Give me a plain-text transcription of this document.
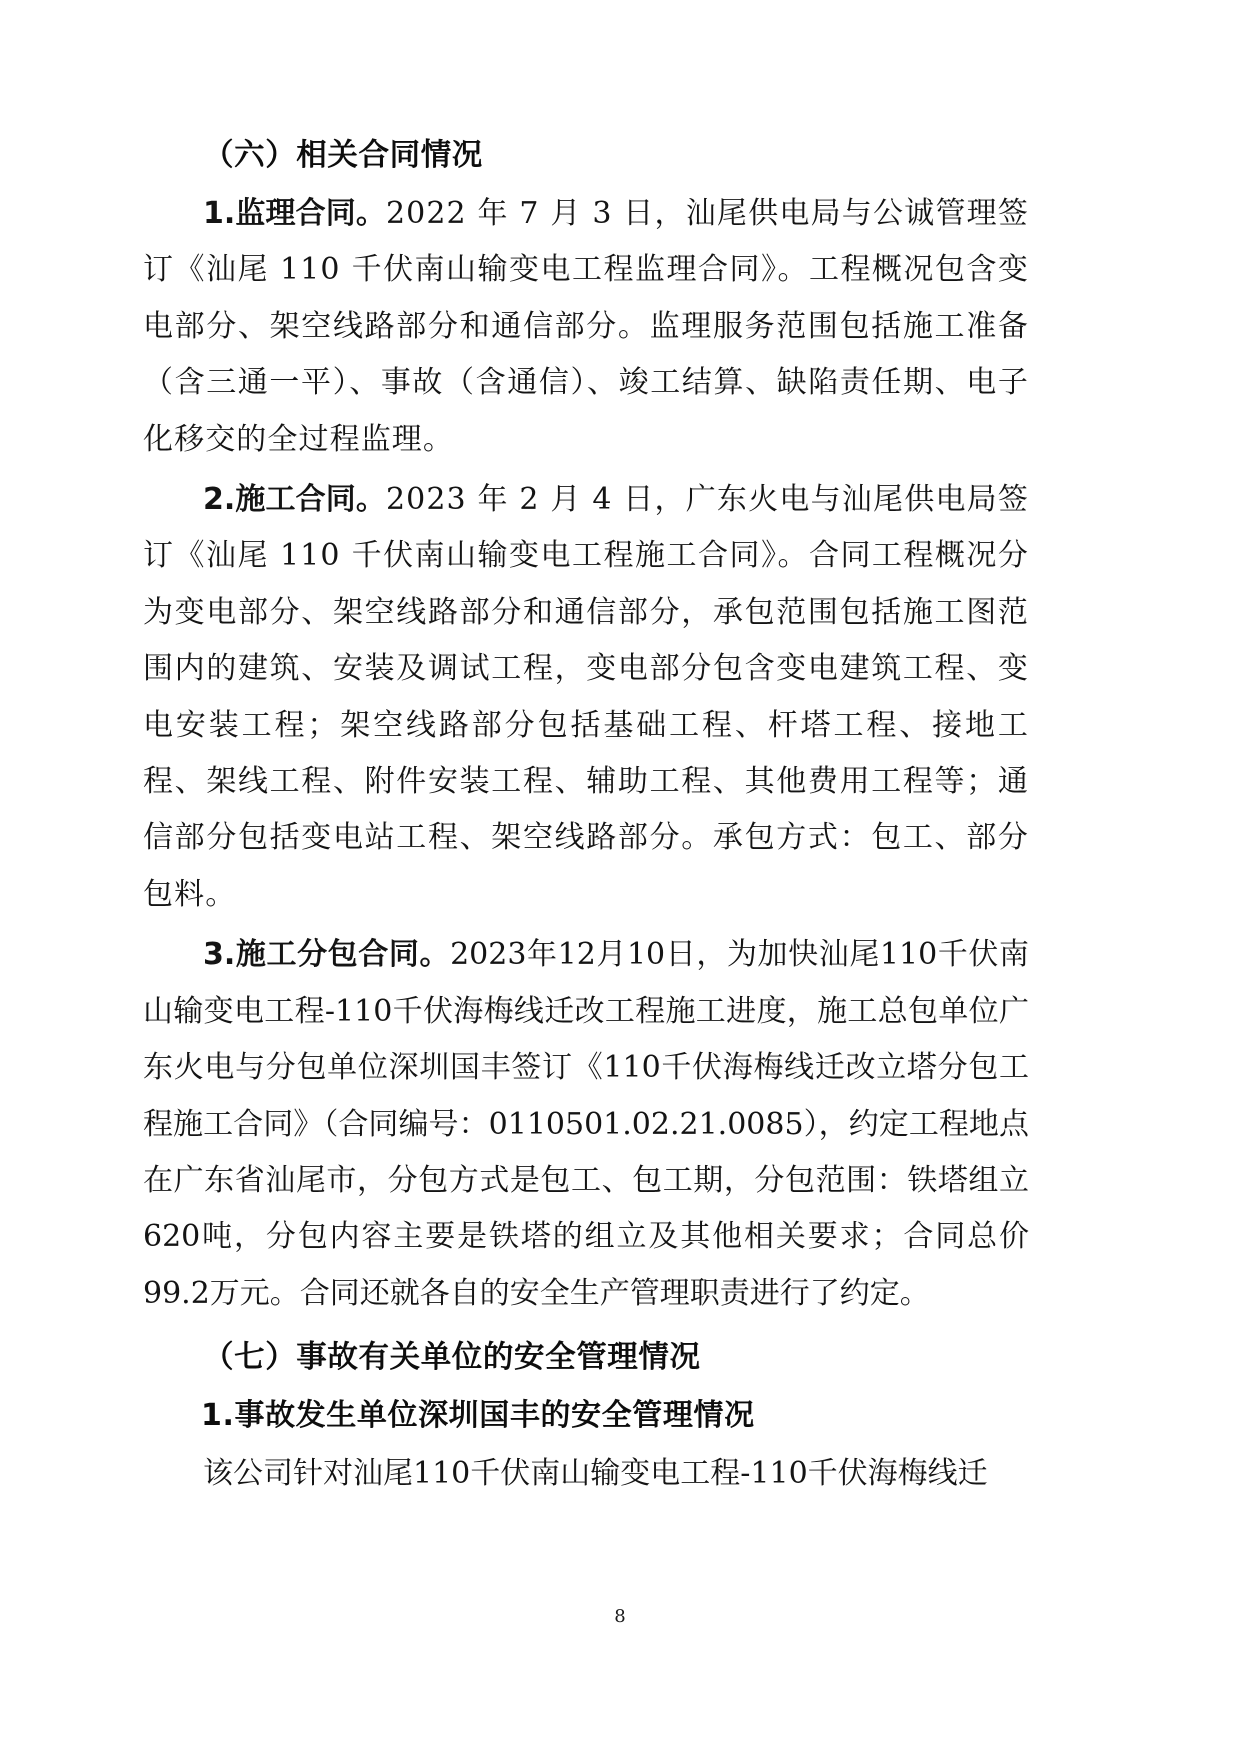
（六）相关合同情况

1.监理合同。2022 年 7 月 3 日，汕尾供电局与公诚管理签订《汕尾 110 千伏南山输变电工程监理合同》。工程概况包含变电部分、架空线路部分和通信部分。监理服务范围包括施工准备（含三通一平）、事故（含通信）、竣工结算、缺陷责任期、电子化移交的全过程监理。

2.施工合同。2023 年 2 月 4 日，广东火电与汕尾供电局签订《汕尾 110 千伏南山输变电工程施工合同》。合同工程概况分为变电部分、架空线路部分和通信部分，承包范围包括施工图范围内的建筑、安装及调试工程，变电部分包含变电建筑工程、变电安装工程；架空线路部分包括基础工程、杆塔工程、接地工程、架线工程、附件安装工程、辅助工程、其他费用工程等；通信部分包括变电站工程、架空线路部分。承包方式：包工、部分包料。

3.施工分包合同。2023年12月10日，为加快汕尾110千伏南山输变电工程-110千伏海梅线迁改工程施工进度，施工总包单位广东火电与分包单位深圳国丰签订《110千伏海梅线迁改立塔分包工程施工合同》（合同编号：0110501.02.21.0085），约定工程地点在广东省汕尾市，分包方式是包工、包工期，分包范围：铁塔组立620吨，分包内容主要是铁塔的组立及其他相关要求；合同总价99.2万元。合同还就各自的安全生产管理职责进行了约定。

（七）事故有关单位的安全管理情况
1.事故发生单位深圳国丰的安全管理情况

该公司针对汕尾110千伏南山输变电工程-110千伏海梅线迁

8
